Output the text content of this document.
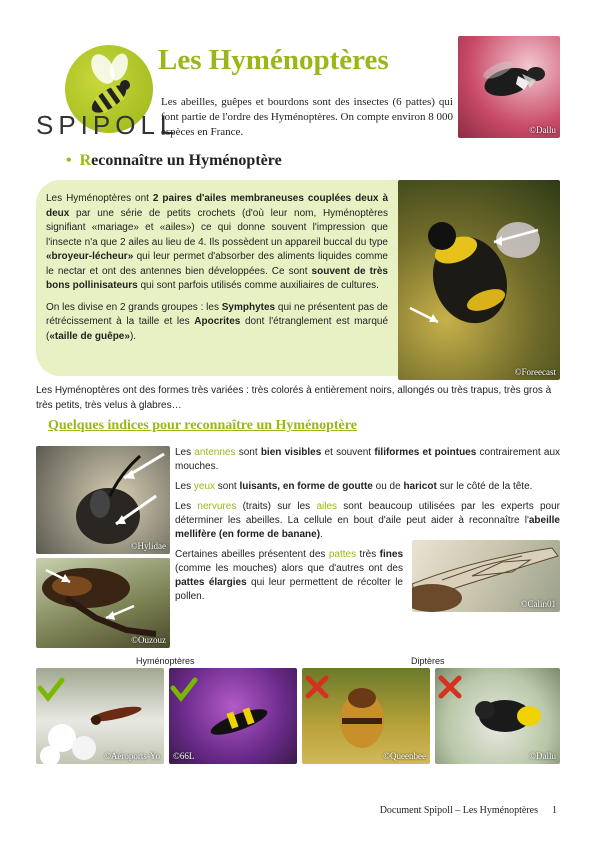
SPIPOLL
Les Hyménoptères
Les abeilles, guêpes et bourdons sont des insectes (6 pattes) qui font partie de l'ordre des Hyménoptères. On compte environ 8 000 espèces en France.	©Dallu
• Reconnaître un Hyménoptère

Les Hyménoptères ont 2 paires d'ailes membraneuses couplées deux à deux par une série de petits crochets (d'où leur nom, Hyménoptères signifiant «mariage» et «ailes») ce qui donne souvent l'impression que l'insecte n'a que 2 ailes au lieu de 4. Ils possèdent un appareil buccal du type «broyeur-lécheur» qui leur permet d'absorber des aliments liquides comme le nectar et ont des antennes bien développées. Ce sont souvent de très bons pollinisateurs qui sont parfois utilisés comme auxiliaires de cultures.

On les divise en 2 grands groupes : les Symphytes qui ne présentent pas de rétrécissement à la taille et les Apocrites dont l'étranglement est marqué («taille de guêpe»).

©Foreecast
Les Hyménoptères ont des formes très variées : très colorés à entièrement noirs, allongés ou très trapus, très gros à très petits, très velus à glabres…
Quelques indices pour reconnaître un Hyménoptère
©Hylidae
©Ouzouz

Les antennes sont bien visibles et souvent filiformes et pointues contrairement aux mouches.

Les yeux sont luisants, en forme de goutte ou de haricot sur le côté de la tête.

Les nervures (traits) sur les ailes sont beaucoup utilisées par les experts pour déterminer les abeilles. La cellule en bout d'aile peut aider à reconnaître l'abeille mellifère (en forme de banane).

Certaines abeilles présentent des pattes très fines (comme les mouches) alors que d'autres ont des pattes élargies qui leur permettent de récolter le pollen.

©Calin01
Hyménoptères	Diptères
©Aéroports-Yo ©66L	©Queenbee	©Dallu
Document Spipoll – Les Hyménoptères 1
